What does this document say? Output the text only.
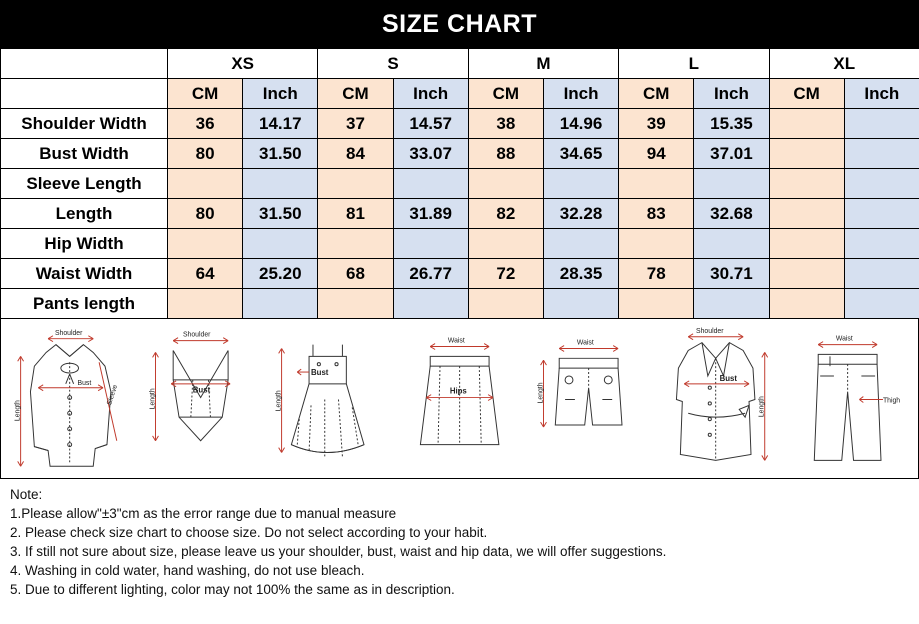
SIZE CHART
	XS		S		M		L		XL	
	CM	Inch	CM	Inch	CM	Inch	CM	Inch	CM	Inch
Shoulder Width	36	14.17	37	14.57	38	14.96	39	15.35		
Bust Width	80	31.50	84	33.07	88	34.65	94	37.01		
Sleeve Length										
Length	80	31.50	81	31.89	82	32.28	83	32.68		
Hip Width										
Waist Width	64	25.20	68	26.77	72	28.35	78	30.71		
Pants length										
Shoulder
Bust
Length
Sleeve
Shoulder
Bust
Length
Bust
Length
Waist
Hips
Waist
Length
Shoulder
Bust
Length
Waist
Thigh
Note:
1.Please allow"±3"cm as the error range due to manual measure
2. Please check size chart to choose size. Do not select according to your habit.
3. If still not sure about size, please leave us your shoulder, bust, waist and hip data, we will offer suggestions.
4. Washing in cold water, hand washing, do not use bleach.
5. Due to different lighting, color may not 100% the same as in description.
